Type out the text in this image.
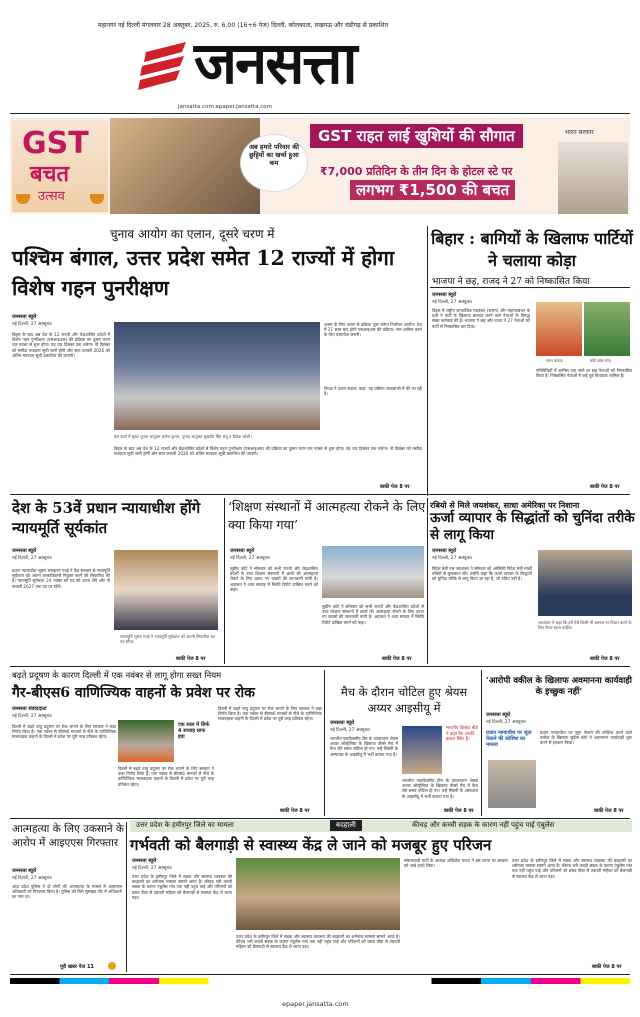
महानगर नई दिल्ली मंगलवार 28 अक्तूबर, 2025, रु. 6.00 (16+6 पेज) दिल्ली, कोलकाता, लखनऊ और चंडीगढ़ से प्रकाशित
जनसत्ता
jansatta.com epaper.jansatta.com
GST
बचत
उत्सव
अब हमारे परिवार की छुट्टियों का खर्चा हुआ कम
GST राहत लाई खुशियों की सौगात
₹7,000 प्रतिदिन के तीन दिन के होटल स्टे पर
लगभग ₹1,500 की बचत
भारत सरकार
चुनाव आयोग का एलान, दूसरे चरण में
पश्चिम बंगाल, उत्तर प्रदेश समेत 12 राज्यों में होगा विशेष गहन पुनरीक्षण
जनसत्ता ब्यूरो
नई दिल्ली, 27 अक्तूबर।
बिहार के बाद अब देश के 12 राज्यों और केंद्रशासित प्रदेशों में विशेष गहन पुनरीक्षण (एसआइआर) की प्रक्रिया का दूसरा चरण चार नवंबर से शुरू होगा। यह चार दिसंबर तक चलेगा। नौ दिसंबर को मसौदा मतदाता सूची जारी होगी और सात फरवरी 2026 को अंतिम मतदाता सूची प्रकाशित की जाएगी।
प्रेस वार्ता में मुख्य चुनाव आयुक्त ज्ञानेश कुमार, चुनाव आयुक्त सुखबीर सिंह संधू व विवेक जोशी।
असम के लिए अलग से प्रक्रिया शुरू करेगा निर्वाचन आयोग। देश में 21 साल बाद होगी एसआइआर की प्रक्रिया। नाम शामिल करने के लिए दस्तावेज जरूरी।
विपक्ष ने उठाए सवाल, कहा- यह प्रक्रिया जल्दबाजी में की जा रही है।
बिहार के बाद अब देश के 12 राज्यों और केंद्रशासित प्रदेशों में विशेष गहन पुनरीक्षण (एसआइआर) की प्रक्रिया का दूसरा चरण चार नवंबर से शुरू होगा। यह चार दिसंबर तक चलेगा। नौ दिसंबर को मसौदा मतदाता सूची जारी होगी और सात फरवरी 2026 को अंतिम मतदाता सूची प्रकाशित की जाएगी।
बाकी पेज 8 पर
बिहार : बागियों के खिलाफ पार्टियों ने चलाया कोड़ा
भाजपा ने छह, राजद ने 27 को निष्कासित किया
जनसत्ता ब्यूरो
नई दिल्ली, 27 अक्तूबर।
बिहार में राष्ट्रीय जनतांत्रिक गठबंधन (राजग) और महागठबंधन के दलों ने पार्टी के खिलाफ बगावत करने वाले नेताओं के विरुद्ध सख्त कार्रवाई की है। भाजपा ने छह और राजद ने 27 नेताओं को पार्टी से निष्कासित कर दिया।
पवन यादव।	छोटे लाल राय।
गतिविधियों में शामिल पाए जाने पर छह नेताओं को निष्कासित किया है। निष्कासित नेताओं में कई पूर्व विधायक शामिल हैं।
बाकी पेज 8 पर
देश के 53वें प्रधान न्यायाधीश होंगे न्यायमूर्ति सूर्यकांत
जनसत्ता ब्यूरो
नई दिल्ली, 27 अक्तूबर।
प्रधान न्यायाधीश भूषण रामकृष्ण गवई ने केंद्र सरकार से न्यायमूर्ति सूर्यकांत को अपना उत्तराधिकारी नियुक्त करने की सिफारिश की है। न्यायमूर्ति सूर्यकांत 24 नवंबर को पद की शपथ लेंगे और नौ फरवरी 2027 तक पद पर रहेंगे।
न्यायमूर्ति भूषण गवई ने न्यायमूर्ति सूर्यकांत को अपनी सिफारिश का पत्र सौंपा।
बाकी पेज 8 पर
‘शिक्षण संस्थानों में आत्महत्या रोकने के लिए क्या किया गया’
जनसत्ता ब्यूरो
नई दिल्ली, 27 अक्तूबर।
सुप्रीम कोर्ट ने सोमवार को सभी राज्यों और केंद्रशासित प्रदेशों से उच्च शिक्षण संस्थानों में छात्रों की आत्महत्या रोकने के लिए उठाए गए कदमों की जानकारी मांगी है। अदालत ने आठ सप्ताह में स्थिति रिपोर्ट दाखिल करने को कहा।
सुप्रीम कोर्ट ने सोमवार को सभी राज्यों और केंद्रशासित प्रदेशों से उच्च शिक्षण संस्थानों में छात्रों की आत्महत्या रोकने के लिए उठाए गए कदमों की जानकारी मांगी है। अदालत ने आठ सप्ताह में स्थिति रिपोर्ट दाखिल करने को कहा।
बाकी पेज 8 पर
रबियो से मिले जयशंकर, साधा अमेरिका पर निशाना
ऊर्जा व्यापार के सिद्धांतों को चुनिंदा तरीके से लागू किया
जनसत्ता ब्यूरो
नई दिल्ली, 27 अक्तूबर।
विदेश मंत्री एस जयशंकर ने सोमवार को अमेरिकी विदेश मंत्री मार्को रुबियो से मुलाकात की। उन्होंने कहा कि ऊर्जा व्यापार के सिद्धांतों को चुनिंदा तरीके से लागू किया जा रहा है, जो उचित नहीं है।
जयशंकर ने कहा कि हमें ऐसे किसी भी प्रस्ताव पर विचार करने के लिए तैयार रहना चाहिए।
बाकी पेज 8 पर
बढ़ते प्रदूषण के कारण दिल्ली में एक नवंबर से लागू होगा सख्त नियम
गैर-बीएस6 वाणिज्यिक वाहनों के प्रवेश पर रोक
जनसत्ता संवाददाता
नई दिल्ली, 27 अक्तूबर।
दिल्ली में बढ़ते वायु प्रदूषण पर रोक लगाने के लिए सरकार ने कड़ा निर्णय लिया है। एक नवंबर से बीएस6 मानकों से नीचे के वाणिज्यिक मालवाहक वाहनों के दिल्ली में प्रवेश पर पूरी तरह प्रतिबंध रहेगा।
एक साल में सिर्फ 4 सप्ताह साफ हवा
दिल्ली में बढ़ते वायु प्रदूषण पर रोक लगाने के लिए सरकार ने कड़ा निर्णय लिया है। एक नवंबर से बीएस6 मानकों से नीचे के वाणिज्यिक मालवाहक वाहनों के दिल्ली में प्रवेश पर पूरी तरह प्रतिबंध रहेगा।
दिल्ली में बढ़ते वायु प्रदूषण पर रोक लगाने के लिए सरकार ने कड़ा निर्णय लिया है। एक नवंबर से बीएस6 मानकों से नीचे के वाणिज्यिक मालवाहक वाहनों के दिल्ली में प्रवेश पर पूरी तरह प्रतिबंध रहेगा।
बाकी पेज 8 पर
मैच के दौरान चोटिल हुए श्रेयस अय्यर आइसीयू में
जनसत्ता ब्यूरो
नई दिल्ली, 27 अक्तूबर।
भारतीय एकदिवसीय टीम के उपकप्तान श्रेयस अय्यर ऑस्ट्रेलिया के खिलाफ तीसरे मैच में कैच लेते समय चोटिल हो गए। उन्हें सिडनी के अस्पताल के आइसीयू में भर्ती कराया गया है।
भारतीय क्रिकेट बोर्ड ने कहा कि उनकी हालत स्थिर है।
भारतीय एकदिवसीय टीम के उपकप्तान श्रेयस अय्यर ऑस्ट्रेलिया के खिलाफ तीसरे मैच में कैच लेते समय चोटिल हो गए। उन्हें सिडनी के अस्पताल के आइसीयू में भर्ती कराया गया है।
बाकी पेज 8 पर
‘आरोपी वकील के खिलाफ अवमानना कार्यवाही के इच्छुक नहीं’
जनसत्ता ब्यूरो
नई दिल्ली, 27 अक्तूबर।
प्रधान न्यायाधीश पर जूता फेंकने की कोशिश का मामला
प्रधान न्यायाधीश पर जूता फेंकने की कोशिश करने वाले वकील के खिलाफ सुप्रीम कोर्ट ने अवमानना कार्यवाही शुरू करने से इनकार किया।
बाकी पेज 8 पर
आत्महत्या के लिए उकसाने के आरोप में आइएएस गिरफ्तार
जनसत्ता ब्यूरो
नई दिल्ली, 27 अक्तूबर।
आंध्र प्रदेश पुलिस ने दो लोगों की आत्महत्या के मामले में आइएएस अधिकारी को गिरफ्तार किया है। पुलिस को मिले सुसाइड नोट में अधिकारी का नाम था।
पूरी खबर पेज 11
उत्तर प्रदेश के हमीरपुर जिले का मामला	बदहाली	कीचड़ और कच्ची सड़क के कारण नहीं पहुंच पाई एंबुलेंस
गर्भवती को बैलगाड़ी से स्वास्थ्य केंद्र ले जाने को मजबूर हुए परिजन
जनसत्ता ब्यूरो
नई दिल्ली, 27 अक्तूबर।
उत्तर प्रदेश के हमीरपुर जिले में सड़क और स्वास्थ्य व्यवस्था की बदहाली का शर्मनाक मामला सामने आया है। कीचड़ भरी कच्ची सड़क के कारण एंबुलेंस गांव तक नहीं पहुंच पाई और परिजनों को प्रसव पीड़ा से तड़पती महिला को बैलगाड़ी से स्वास्थ्य केंद्र ले जाना पड़ा।
उत्तर प्रदेश के हमीरपुर जिले में सड़क और स्वास्थ्य व्यवस्था की बदहाली का शर्मनाक मामला सामने आया है। कीचड़ भरी कच्ची सड़क के कारण एंबुलेंस गांव तक नहीं पहुंच पाई और परिजनों को प्रसव पीड़ा से तड़पती महिला को बैलगाड़ी से स्वास्थ्य केंद्र ले जाना पड़ा।
समाजवादी पार्टी के अध्यक्ष अखिलेश यादव ने इस घटना पर सरकार को आड़े हाथों लिया।
उत्तर प्रदेश के हमीरपुर जिले में सड़क और स्वास्थ्य व्यवस्था की बदहाली का शर्मनाक मामला सामने आया है। कीचड़ भरी कच्ची सड़क के कारण एंबुलेंस गांव तक नहीं पहुंच पाई और परिजनों को प्रसव पीड़ा से तड़पती महिला को बैलगाड़ी से स्वास्थ्य केंद्र ले जाना पड़ा।
बाकी पेज 8 पर
epaper.jansatta.com
